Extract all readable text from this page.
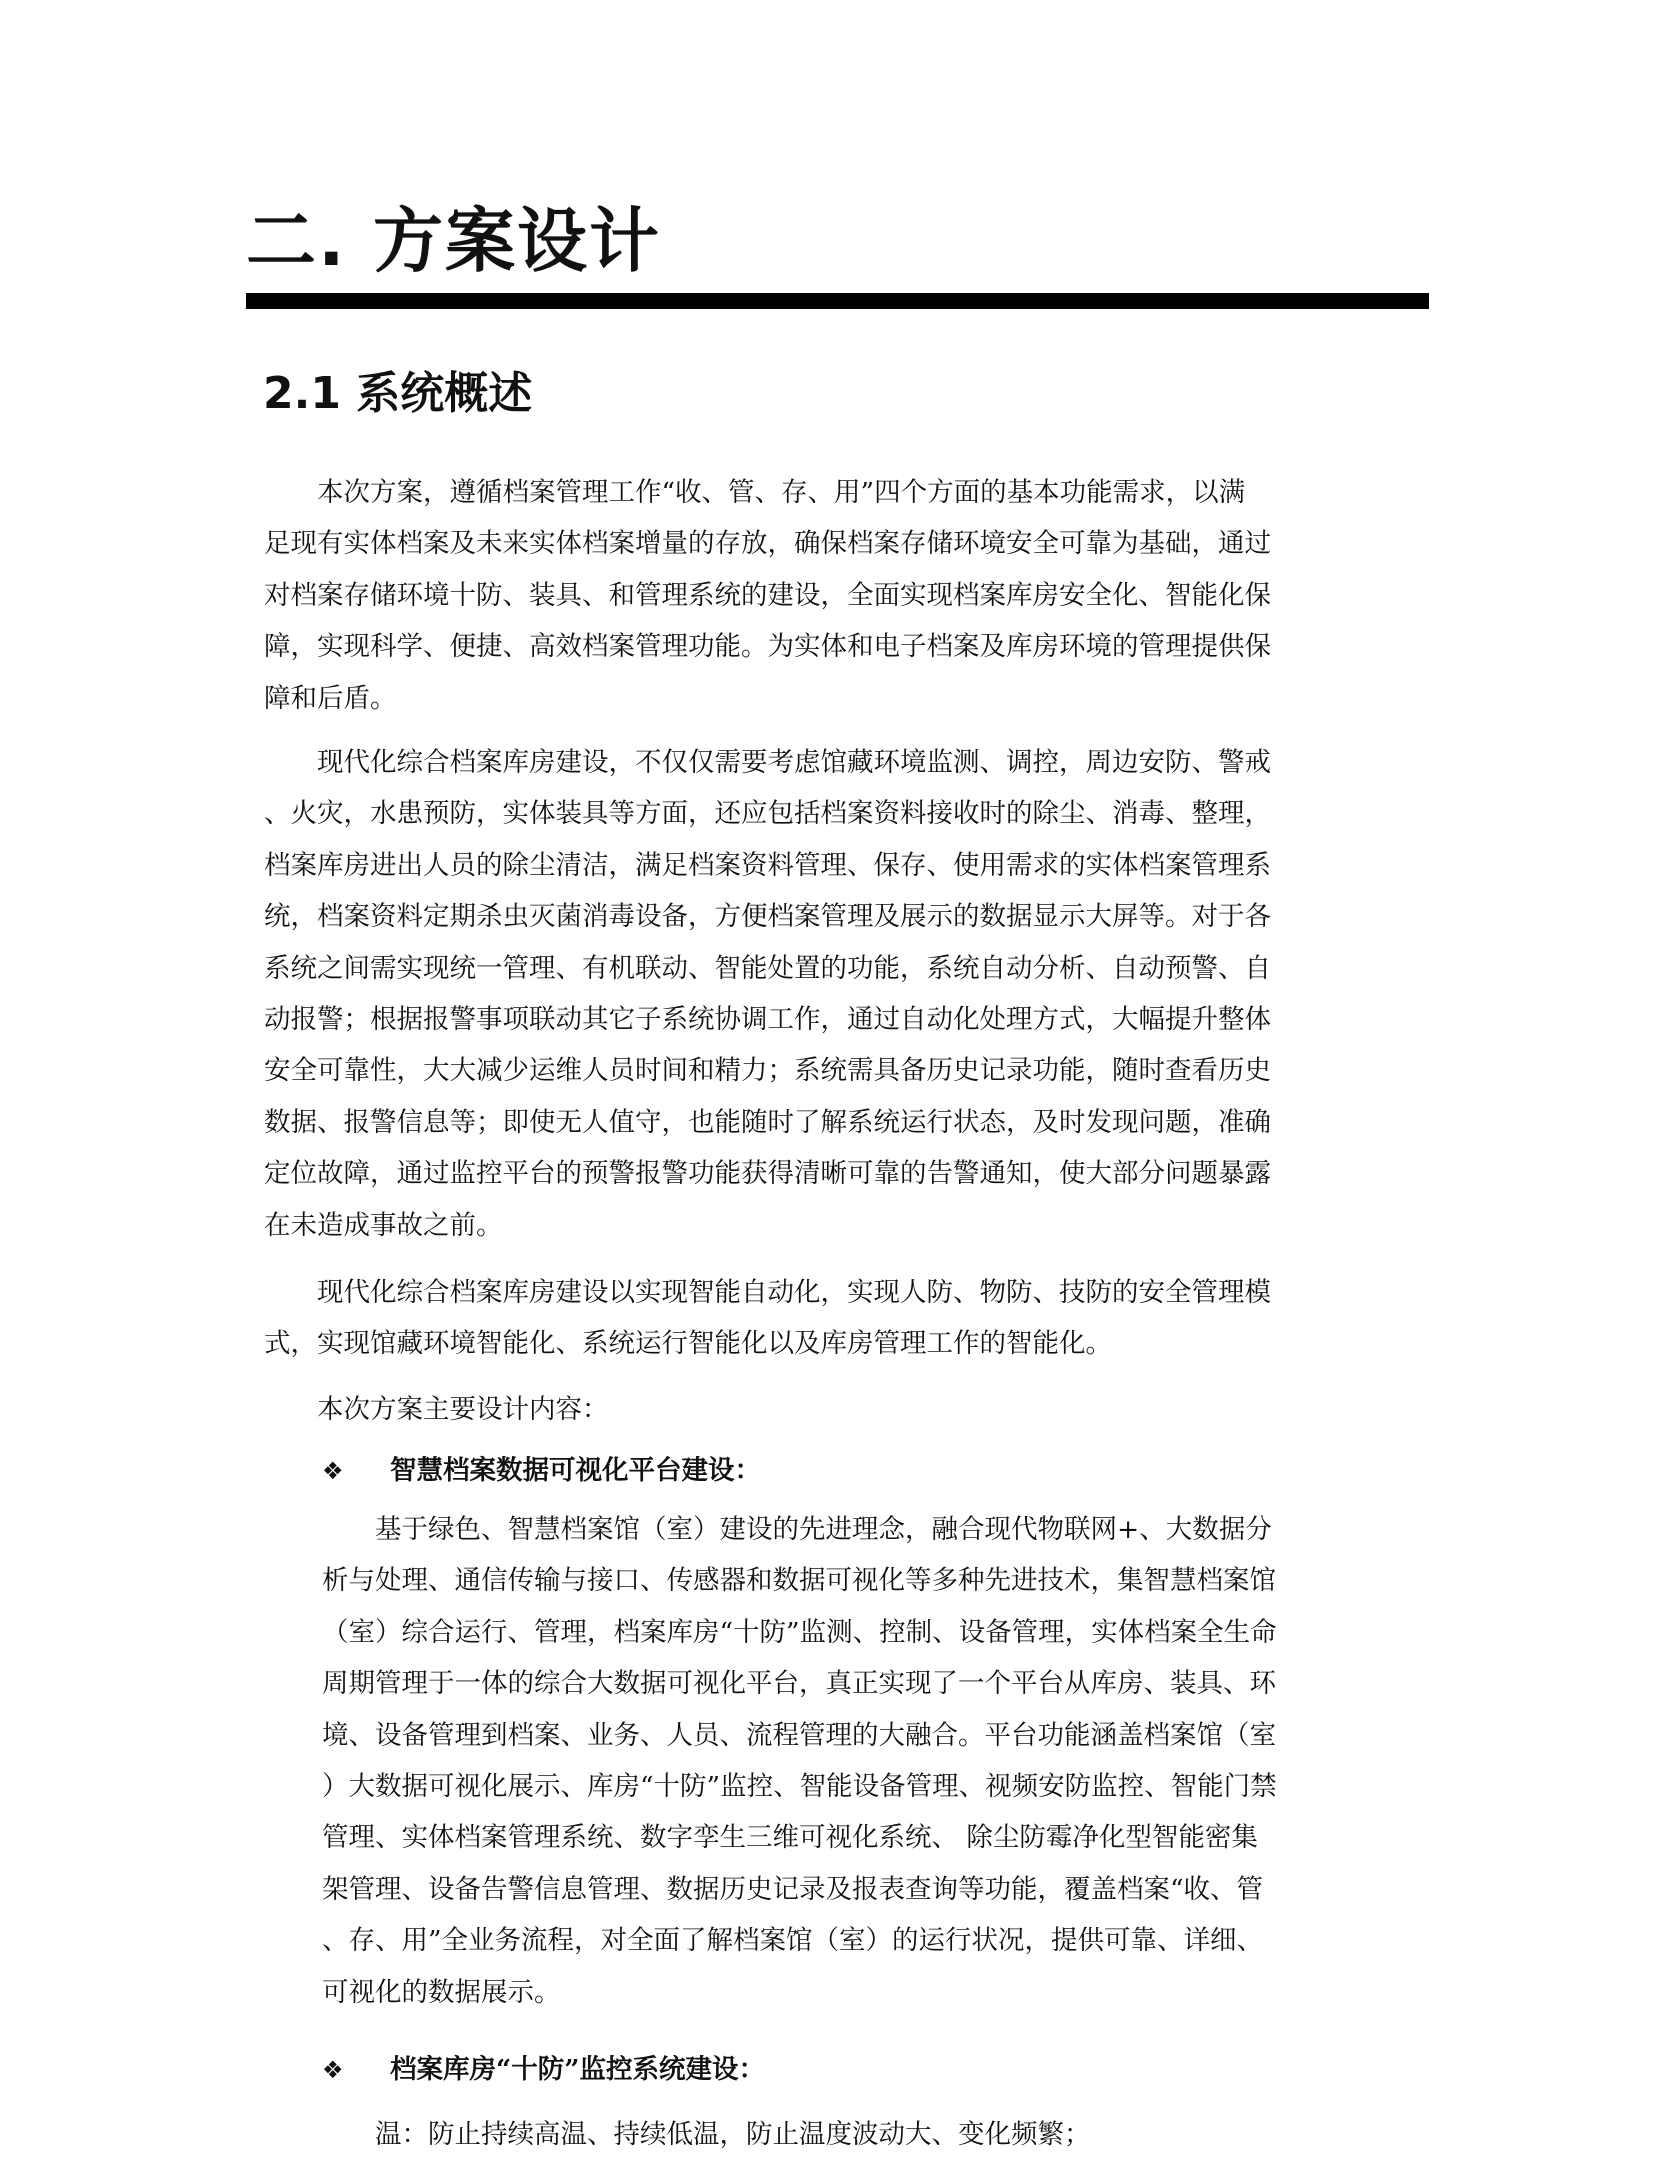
二. 方案设计
2.1 系统概述
　　本次方案，遵循档案管理工作“收、管、存、用”四个方面的基本功能需求，以满
足现有实体档案及未来实体档案增量的存放，确保档案存储环境安全可靠为基础，通过
对档案存储环境十防、装具、和管理系统的建设，全面实现档案库房安全化、智能化保
障，实现科学、便捷、高效档案管理功能。为实体和电子档案及库房环境的管理提供保
障和后盾。
　　现代化综合档案库房建设，不仅仅需要考虑馆藏环境监测、调控，周边安防、警戒
、火灾，水患预防，实体装具等方面，还应包括档案资料接收时的除尘、消毒、整理，
档案库房进出人员的除尘清洁，满足档案资料管理、保存、使用需求的实体档案管理系
统，档案资料定期杀虫灭菌消毒设备，方便档案管理及展示的数据显示大屏等。对于各
系统之间需实现统一管理、有机联动、智能处置的功能，系统自动分析、自动预警、自
动报警；根据报警事项联动其它子系统协调工作，通过自动化处理方式，大幅提升整体
安全可靠性，大大减少运维人员时间和精力；系统需具备历史记录功能，随时查看历史
数据、报警信息等；即使无人值守，也能随时了解系统运行状态，及时发现问题，准确
定位故障，通过监控平台的预警报警功能获得清晰可靠的告警通知，使大部分问题暴露
在未造成事故之前。
　　现代化综合档案库房建设以实现智能自动化，实现人防、物防、技防的安全管理模
式，实现馆藏环境智能化、系统运行智能化以及库房管理工作的智能化。
　　本次方案主要设计内容：
❖ 智慧档案数据可视化平台建设：
　　基于绿色、智慧档案馆（室）建设的先进理念，融合现代物联网+、大数据分
析与处理、通信传输与接口、传感器和数据可视化等多种先进技术，集智慧档案馆
（室）综合运行、管理，档案库房“十防”监测、控制、设备管理，实体档案全生命
周期管理于一体的综合大数据可视化平台，真正实现了一个平台从库房、装具、环
境、设备管理到档案、业务、人员、流程管理的大融合。平台功能涵盖档案馆（室
）大数据可视化展示、库房“十防”监控、智能设备管理、视频安防监控、智能门禁
管理、实体档案管理系统、数字孪生三维可视化系统、 除尘防霉净化型智能密集
架管理、设备告警信息管理、数据历史记录及报表查询等功能，覆盖档案“收、管
、存、用”全业务流程，对全面了解档案馆（室）的运行状况，提供可靠、详细、
可视化的数据展示。
❖ 档案库房“十防”监控系统建设：
　　温：防止持续高温、持续低温，防止温度波动大、变化频繁；
